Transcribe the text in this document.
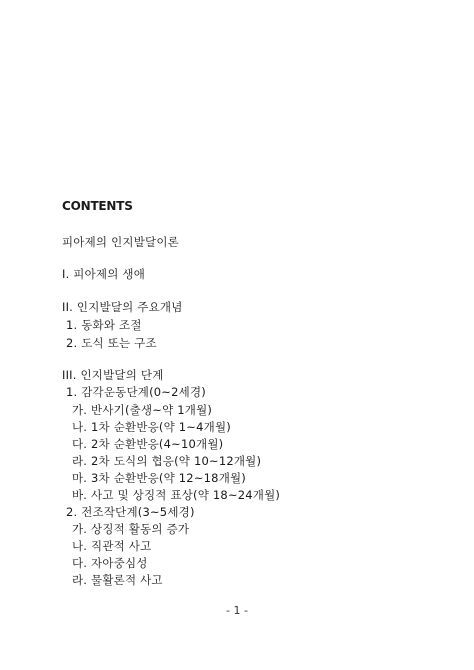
CONTENTS
피아제의 인지발달이론
I. 피아제의 생애
II. 인지발달의 주요개념
1. 동화와 조절
2. 도식 또는 구조
III. 인지발달의 단계
1. 감각운동단계(0~2세경)
가. 반사기(출생~약 1개월)
나. 1차 순환반응(약 1~4개월)
다. 2차 순환반응(4~10개월)
라. 2차 도식의 협응(약 10~12개월)
마. 3차 순환반응(약 12~18개월)
바. 사고 및 상징적 표상(약 18~24개월)
2. 전조작단계(3~5세경)
가. 상징적 활동의 증가
나. 직관적 사고
다. 자아중심성
라. 물활론적 사고
- 1 -
